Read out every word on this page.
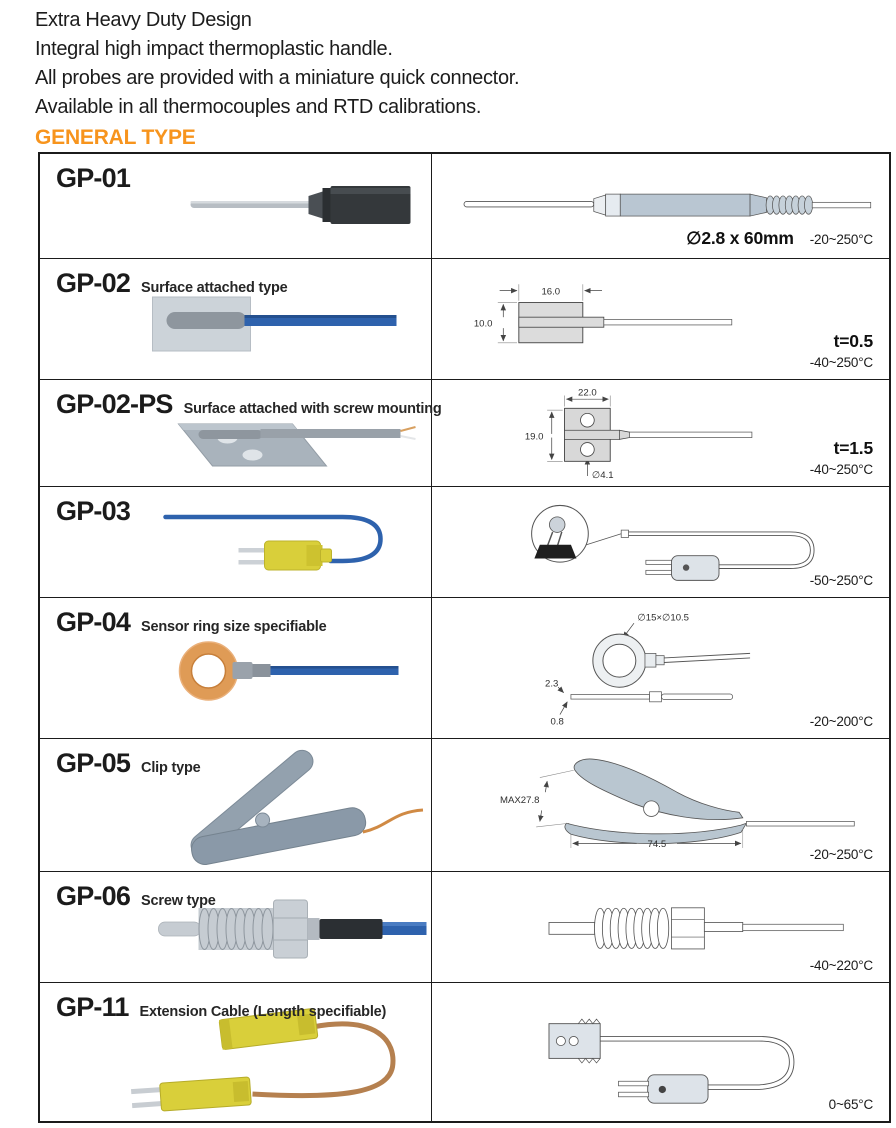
Extra Heavy Duty Design

Integral high impact thermoplastic handle.

All probes are provided with a miniature quick connector.

Available in all thermocouples and RTD calibrations.

GENERAL TYPE
GP-01
∅2.8 x 60mm -20~250°C
GP-02 Surface attached type	16.0
10.0
t=0.5
-40~250°C
GP-02-PS Surface attached with screw mounting
22.0
19.0
∅4.1
t=1.5
-40~250°C
GP-03
-50~250°C
GP-04 Sensor ring size specifiable
∅15×∅10.5
2.3
0.8	-20~200°C
GP-05 Clip type
MAX27.8
74.5
-20~250°C
GP-06 Screw type
-40~220°C
GP-11 Extension Cable (Length specifiable)
0~65°C
